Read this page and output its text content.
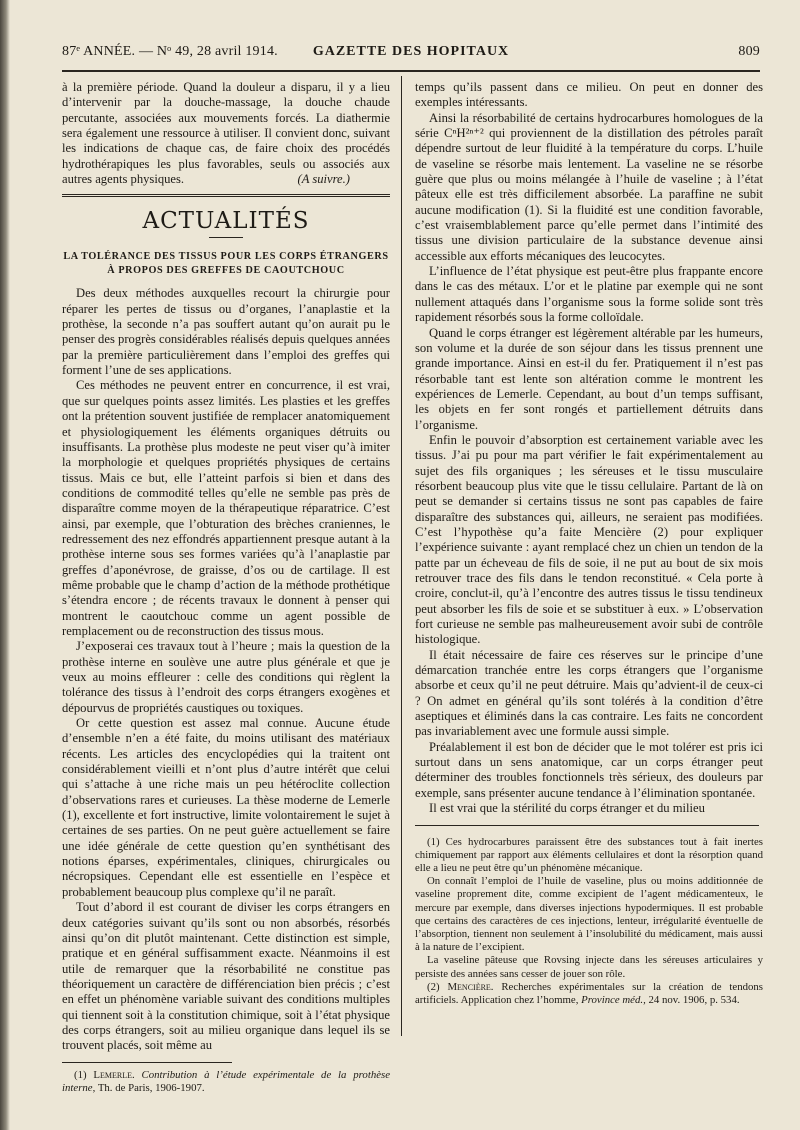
87ᵉ ANNÉE. — Nᵒ 49, 28 avril 1914.	GAZETTE DES HOPITAUX	809

à la première période. Quand la douleur a disparu, il y a lieu d’intervenir par la douche-massage, la douche chaude percutante, associées aux mouvements forcés. La diathermie sera également une ressource à utiliser. Il convient donc, suivant les indications de chaque cas, de faire choix des procédés hydrothérapiques les plus favorables, seuls ou associés aux autres agents physiques.	(A suivre.)

ACTUALITÉS
LA TOLÉRANCE DES TISSUS POUR LES CORPS ÉTRANGERS À PROPOS DES GREFFES DE CAOUTCHOUC

Des deux méthodes auxquelles recourt la chirurgie pour réparer les pertes de tissus ou d’organes, l’anaplastie et la prothèse, la seconde n’a pas souffert autant qu’on aurait pu le penser des progrès considérables réalisés depuis quelques années par la première particulièrement dans l’emploi des greffes qui forment l’une de ses applications.

Ces méthodes ne peuvent entrer en concurrence, il est vrai, que sur quelques points assez limités. Les plasties et les greffes ont la prétention souvent justifiée de remplacer anatomiquement et physiologiquement les éléments organiques détruits ou insuffisants. La prothèse plus modeste ne peut viser qu’à imiter la morphologie et quelques propriétés physiques de certains tissus. Mais ce but, elle l’atteint parfois si bien et dans des conditions de commodité telles qu’elle ne semble pas près de disparaître comme moyen de la thérapeutique réparatrice. C’est ainsi, par exemple, que l’obturation des brèches craniennes, le redressement des nez effondrés appartiennent presque autant à la prothèse interne sous ses formes variées qu’à l’anaplastie par greffes d’aponévrose, de graisse, d’os ou de cartilage. Il est même probable que le champ d’action de la méthode prothétique s’étendra encore ; de récents travaux le donnent à penser qui montrent le caoutchouc comme un agent possible de remplacement ou de reconstruction des tissus mous.

J’exposerai ces travaux tout à l’heure ; mais la question de la prothèse interne en soulève une autre plus générale et que je veux au moins effleurer : celle des conditions qui règlent la tolérance des tissus à l’endroit des corps étrangers exogènes et dépourvus de propriétés caustiques ou toxiques.

Or cette question est assez mal connue. Aucune étude d’ensemble n’en a été faite, du moins utilisant des matériaux récents. Les articles des encyclopédies qui la traitent ont considérablement vieilli et n’ont plus d’autre intérêt que celui qui s’attache à une riche mais un peu hétéroclite collection d’observations rares et curieuses. La thèse moderne de Lemerle (1), excellente et fort instructive, limite volontairement le sujet à certaines de ses parties. On ne peut guère actuellement se faire une idée générale de cette question qu’en synthétisant des notions éparses, expérimentales, cliniques, chirurgicales ou nécropsiques. Cependant elle est essentielle en l’espèce et probablement beaucoup plus complexe qu’il ne paraît.

Tout d’abord il est courant de diviser les corps étrangers en deux catégories suivant qu’ils sont ou non absorbés, résorbés ainsi qu’on dit plutôt maintenant. Cette distinction est simple, pratique et en général suffisamment exacte. Néanmoins il est utile de remarquer que la résorbabilité ne constitue pas théoriquement un caractère de différenciation bien précis ; c’est en effet un phénomène variable suivant des conditions multiples qui tiennent soit à la constitution chimique, soit à l’état physique des corps étrangers, soit au milieu organique dans lequel ils se trouvent placés, soit même au

(1) Lemerle. Contribution à l’étude expérimentale de la prothèse interne, Th. de Paris, 1906-1907.

temps qu’ils passent dans ce milieu. On peut en donner des exemples intéressants.

Ainsi la résorbabilité de certains hydrocarbures homologues de la série CⁿH²ⁿ⁺² qui proviennent de la distillation des pétroles paraît dépendre surtout de leur fluidité à la température du corps. L’huile de vaseline se résorbe mais lentement. La vaseline ne se résorbe guère que plus ou moins mélangée à l’huile de vaseline ; à l’état pâteux elle est très difficilement absorbée. La paraffine ne subit aucune modification (1). Si la fluidité est une condition favorable, c’est vraisemblablement parce qu’elle permet dans l’intimité des tissus une division particulaire de la substance devenue ainsi accessible aux efforts mécaniques des leucocytes.

L’influence de l’état physique est peut-être plus frappante encore dans le cas des métaux. L’or et le platine par exemple qui ne sont nullement attaqués dans l’organisme sous la forme solide sont très rapidement résorbés sous la forme colloïdale.

Quand le corps étranger est légèrement altérable par les humeurs, son volume et la durée de son séjour dans les tissus prennent une grande importance. Ainsi en est-il du fer. Pratiquement il n’est pas résorbable tant est lente son altération comme le montrent les expériences de Lemerle. Cependant, au bout d’un temps suffisant, les objets en fer sont rongés et partiellement détruits dans l’organisme.

Enfin le pouvoir d’absorption est certainement variable avec les tissus. J’ai pu pour ma part vérifier le fait expérimentalement au sujet des fils organiques ; les séreuses et le tissu musculaire résorbent beaucoup plus vite que le tissu cellulaire. Partant de là on peut se demander si certains tissus ne sont pas capables de faire disparaître des substances qui, ailleurs, ne seraient pas modifiées. C’est l’hypothèse qu’a faite Mencière (2) pour expliquer l’expérience suivante : ayant remplacé chez un chien un tendon de la patte par un écheveau de fils de soie, il ne put au bout de six mois retrouver trace des fils dans le tendon reconstitué. « Cela porte à croire, conclut-il, qu’à l’encontre des autres tissus le tissu tendineux peut absorber les fils de soie et se substituer à eux. » L’observation fort curieuse ne semble pas malheureusement avoir subi de contrôle histologique.

Il était nécessaire de faire ces réserves sur le principe d’une démarcation tranchée entre les corps étrangers que l’organisme absorbe et ceux qu’il ne peut détruire. Mais qu’advient-il de ceux-ci ? On admet en général qu’ils sont tolérés à la condition d’être aseptiques et éliminés dans la cas contraire. Les faits ne concordent pas invariablement avec une formule aussi simple.

Préalablement il est bon de décider que le mot tolérer est pris ici surtout dans un sens anatomique, car un corps étranger peut déterminer des troubles fonctionnels très sérieux, des douleurs par exemple, sans présenter aucune tendance à l’élimination spontanée.

Il est vrai que la stérilité du corps étranger et du milieu

(1) Ces hydrocarbures paraissent être des substances tout à fait inertes chimiquement par rapport aux éléments cellulaires et dont la résorption quand elle a lieu ne peut être qu’un phénomène mécanique.

On connaît l’emploi de l’huile de vaseline, plus ou moins additionnée de vaseline proprement dite, comme excipient de l’agent médicamenteux, le mercure par exemple, dans diverses injections hypodermiques. Il est probable que certains des caractères de ces injections, lenteur, irrégularité éventuelle de l’absorption, tiennent non seulement à l’insolubilité du médicament, mais aussi à la nature de l’excipient.

La vaseline pâteuse que Rovsing injecte dans les séreuses articulaires y persiste des années sans cesser de jouer son rôle.

(2) Mencière. Recherches expérimentales sur la création de tendons artificiels. Application chez l’homme, Province méd., 24 nov. 1906, p. 534.
